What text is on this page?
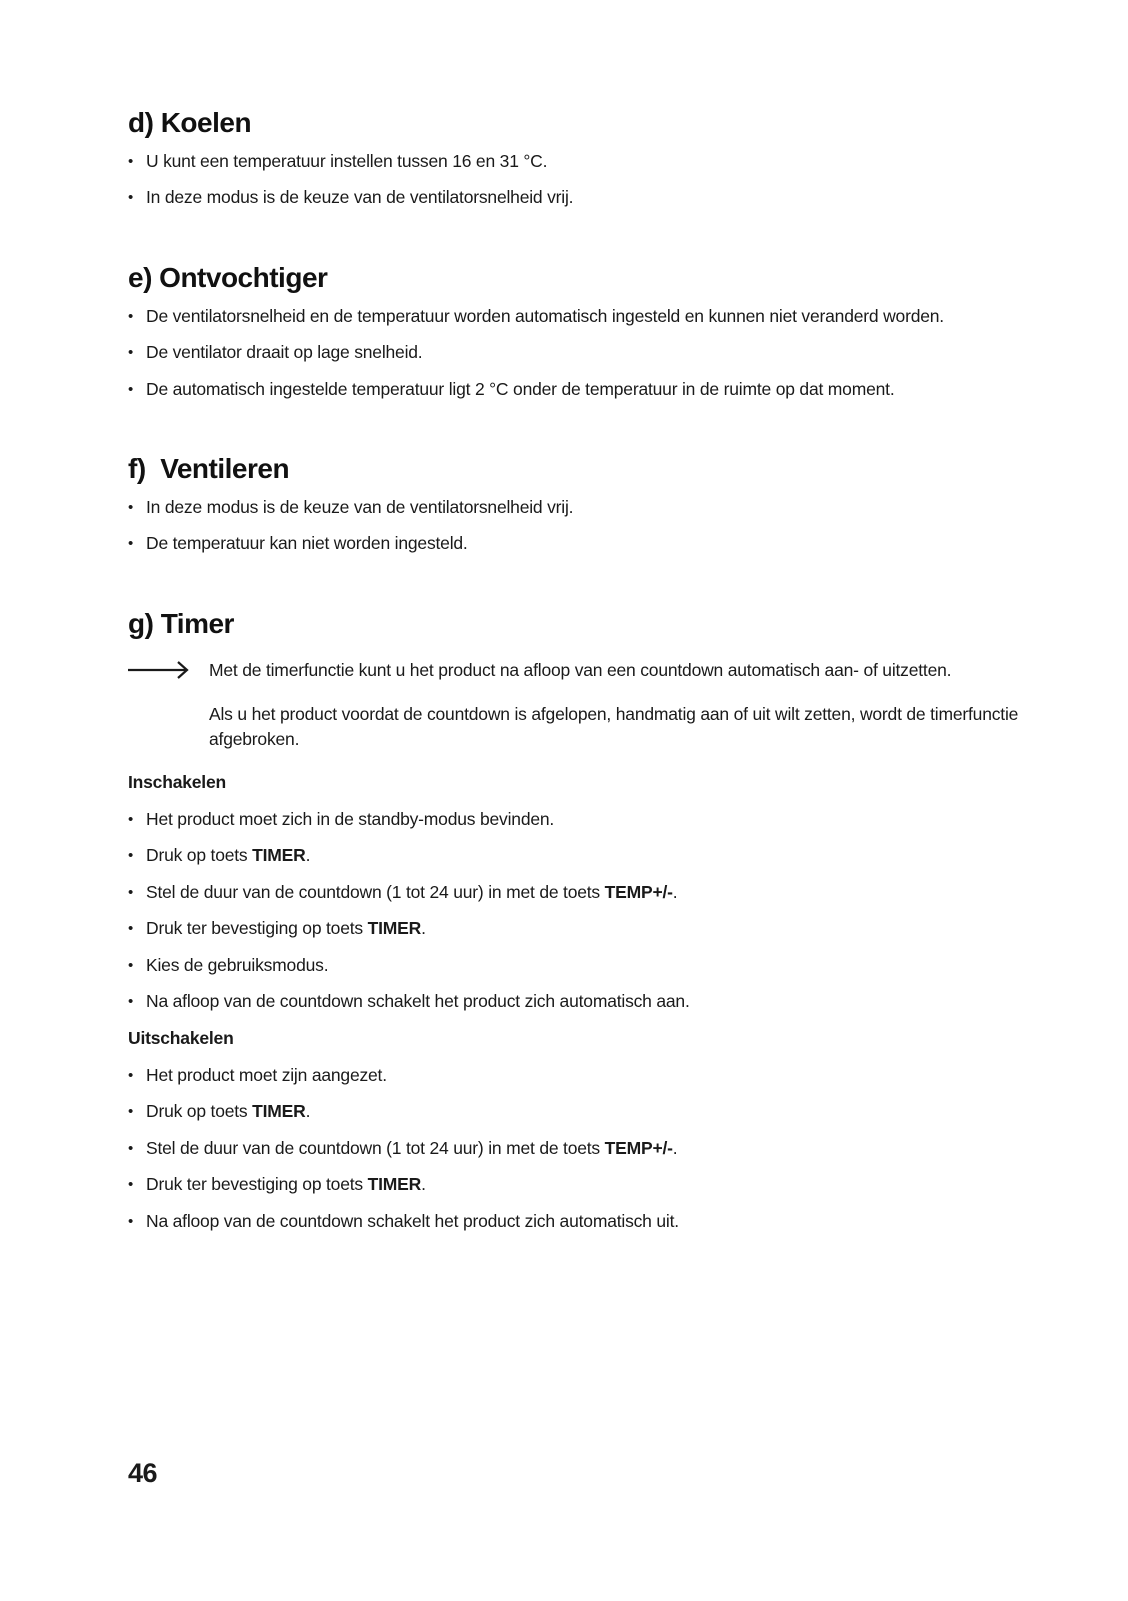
d) Koelen
• U kunt een temperatuur instellen tussen 16 en 31 °C.
• In deze modus is de keuze van de ventilatorsnelheid vrij.
e) Ontvochtiger
• De ventilatorsnelheid en de temperatuur worden automatisch ingesteld en kunnen niet veranderd worden.
• De ventilator draait op lage snelheid.
• De automatisch ingestelde temperatuur ligt 2 °C onder de temperatuur in de ruimte op dat moment.
f)  Ventileren
• In deze modus is de keuze van de ventilatorsnelheid vrij.
• De temperatuur kan niet worden ingesteld.
g) Timer
Met de timerfunctie kunt u het product na afloop van een countdown automatisch aan- of uitzetten.
Als u het product voordat de countdown is afgelopen, handmatig aan of uit wilt zetten, wordt de timerfunctie afgebroken.
Inschakelen
• Het product moet zich in de standby-modus bevinden.
• Druk op toets TIMER.
• Stel de duur van de countdown (1 tot 24 uur) in met de toets TEMP+/-.
• Druk ter bevestiging op toets TIMER.
• Kies de gebruiksmodus.
• Na afloop van de countdown schakelt het product zich automatisch aan.
Uitschakelen
• Het product moet zijn aangezet.
• Druk op toets TIMER.
• Stel de duur van de countdown (1 tot 24 uur) in met de toets TEMP+/-.
• Druk ter bevestiging op toets TIMER.
• Na afloop van de countdown schakelt het product zich automatisch uit.
46
